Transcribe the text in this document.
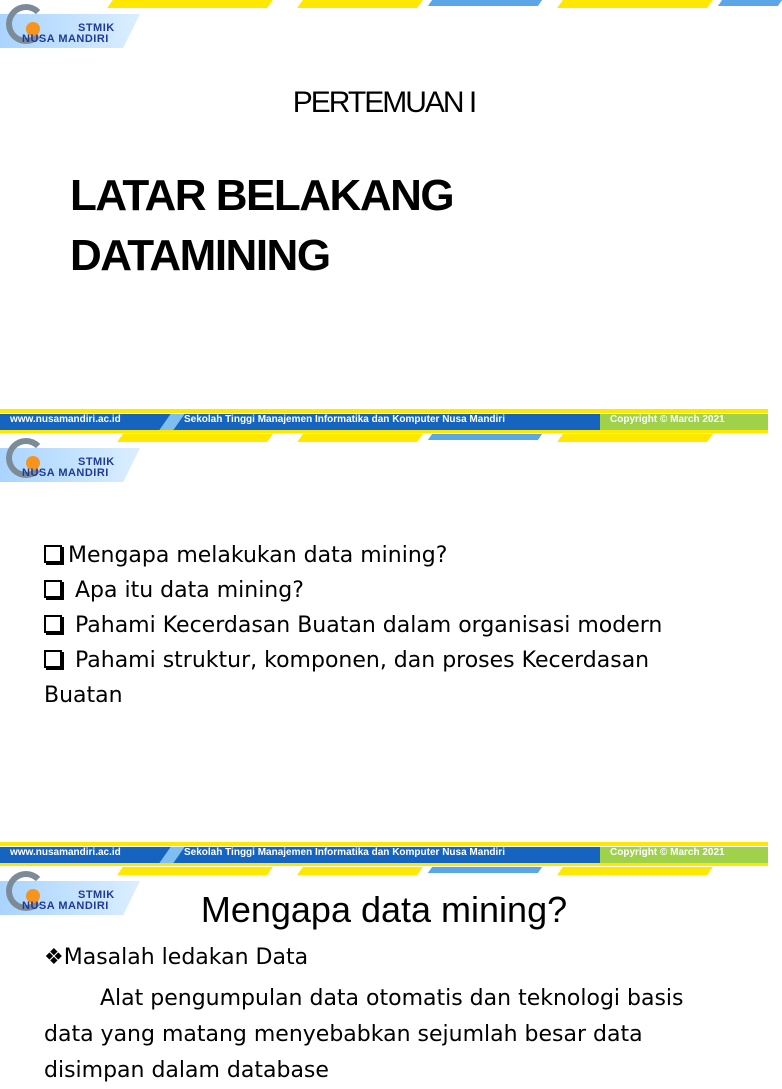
STMIK
NUSA MANDIRI
PERTEMUAN I
LATAR BELAKANG
DATAMINING
www.nusamandiri.ac.id	Sekolah Tinggi Manajemen Informatika dan Komputer Nusa Mandiri	Copyright © March 2021
STMIK
NUSA MANDIRI
Mengapa melakukan data mining?
Apa itu data mining?
Pahami Kecerdasan Buatan dalam organisasi modern
Pahami struktur, komponen, dan proses Kecerdasan Buatan
www.nusamandiri.ac.id	Sekolah Tinggi Manajemen Informatika dan Komputer Nusa Mandiri	Copyright © March 2021
STMIK
NUSA MANDIRI	Mengapa data mining?
❖Masalah ledakan Data
Alat pengumpulan data otomatis dan teknologi basis data yang matang menyebabkan sejumlah besar data disimpan dalam database
